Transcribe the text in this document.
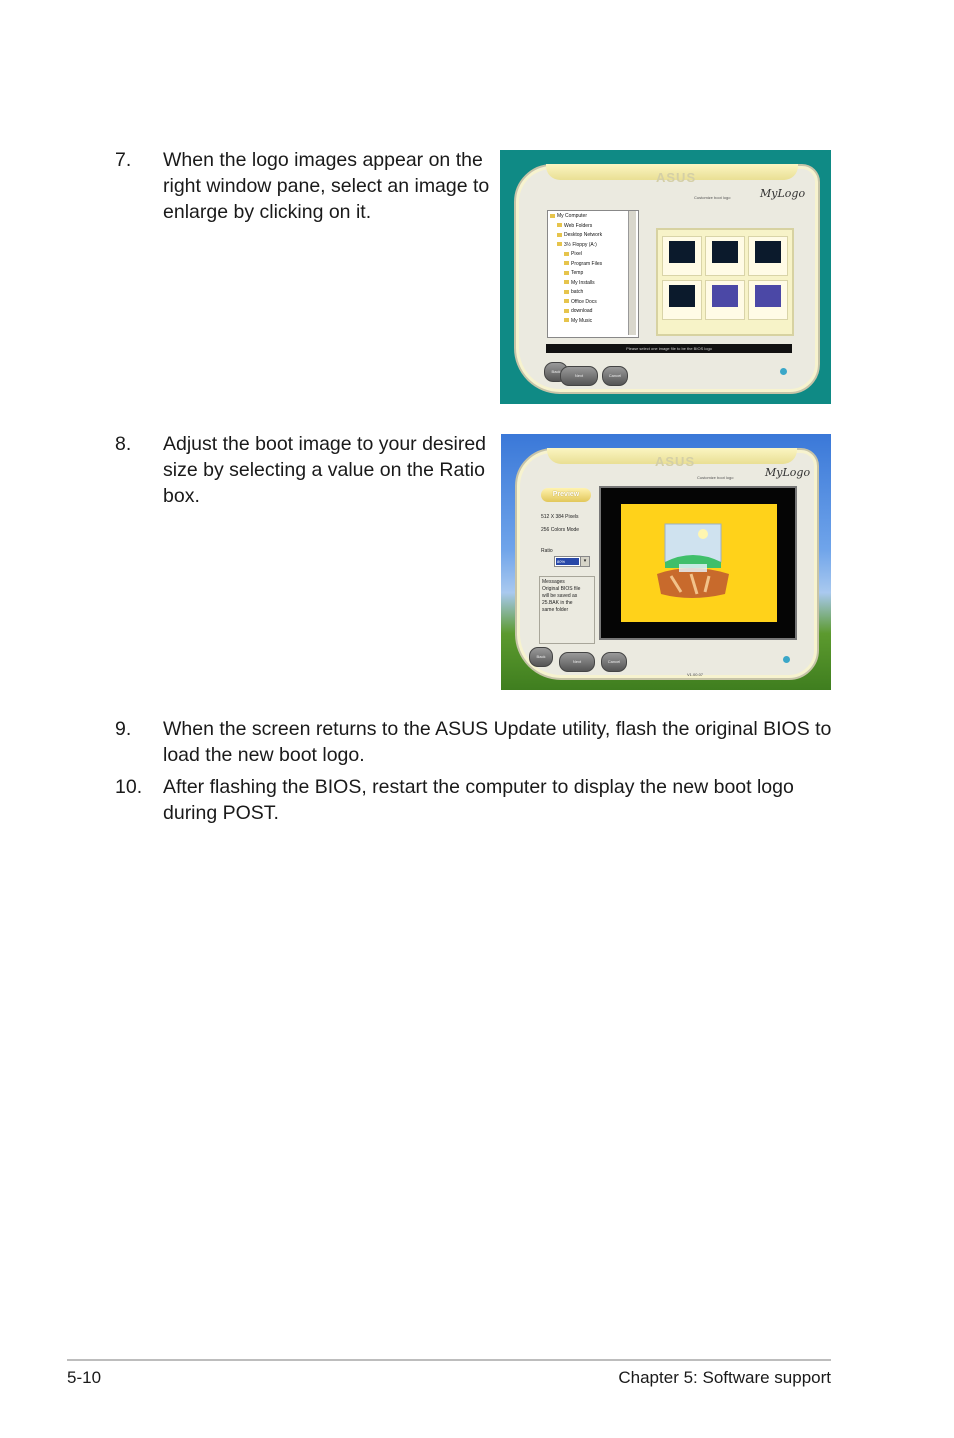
7. When the logo images appear on the
right window pane, select an image to
enlarge by clicking on it.
ASUS
Customize boot logo	MyLogo
My Computer
Web Folders
Desktop Network
3½ Floppy (A:)
Pixel
Program Files
Temp
My Installs
batch
Office Docs
download
My Music
Please select one image file to be the BIOS logo
Back
Next	Cancel
8. Adjust the boot image to your desired
size by selecting a value on the Ratio
box.
ASUS
Customize boot logo	MyLogo
Preview
512 X 384 Pixels
256 Colors Mode
Ratio
80%	▾
Messages
Original BIOS file
will be saved as
25.BAK in the
same folder
Back
Next	Cancel
V1.00.07
9. When the screen returns to the ASUS Update utility, flash the original BIOS to
load the new boot logo.
10. After flashing the BIOS, restart the computer to display the new boot logo
during POST.
5-10	Chapter 5: Software support
